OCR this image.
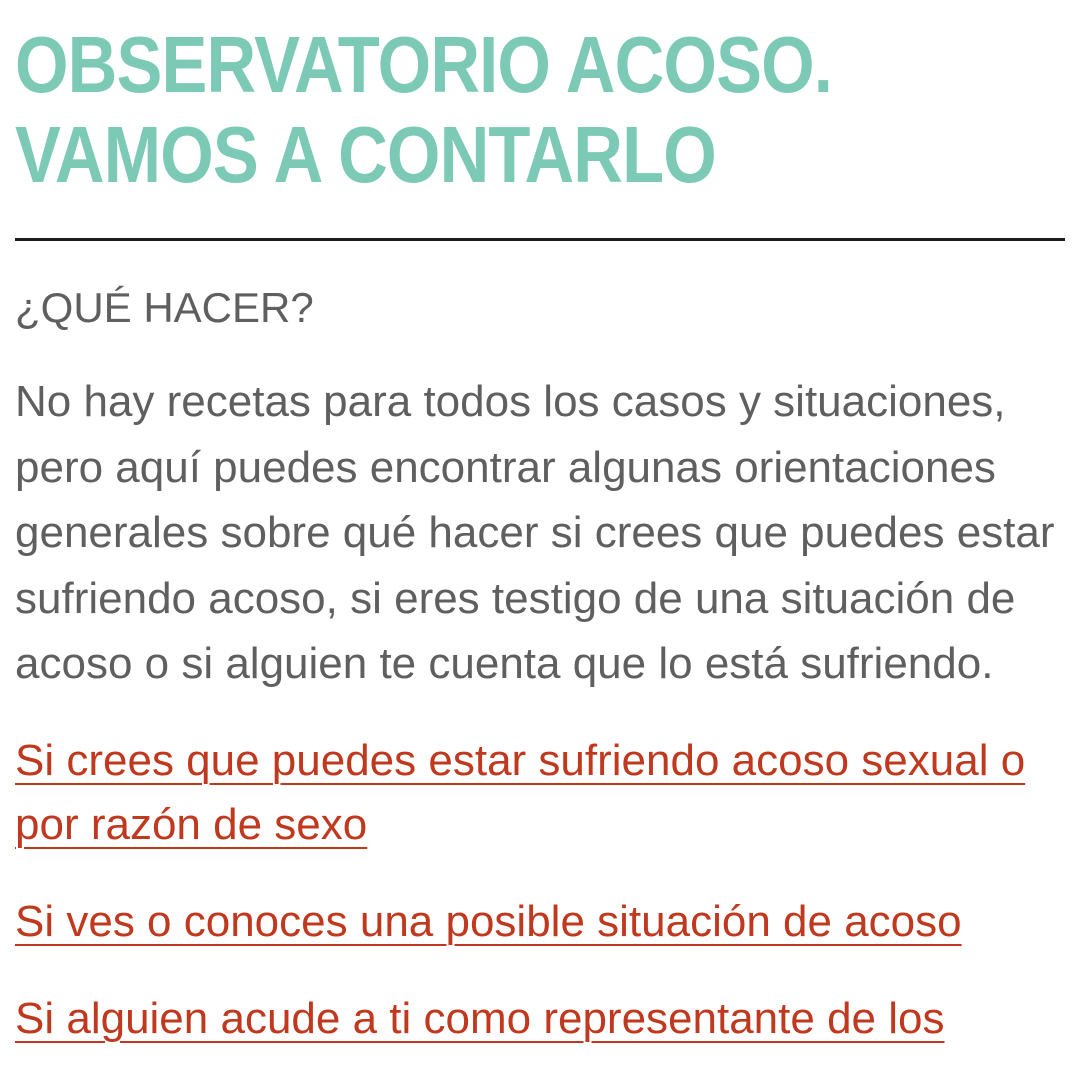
OBSERVATORIO ACOSO.
VAMOS A CONTARLO
¿QUÉ HACER?

No hay recetas para todos los casos y situaciones, pero aquí puedes encontrar algunas orientaciones generales sobre qué hacer si crees que puedes estar sufriendo acoso, si eres testigo de una situación de acoso o si alguien te cuenta que lo está sufriendo.

Si crees que puedes estar sufriendo acoso sexual o por razón de sexo
Si ves o conoces una posible situación de acoso
Si alguien acude a ti como representante de los
